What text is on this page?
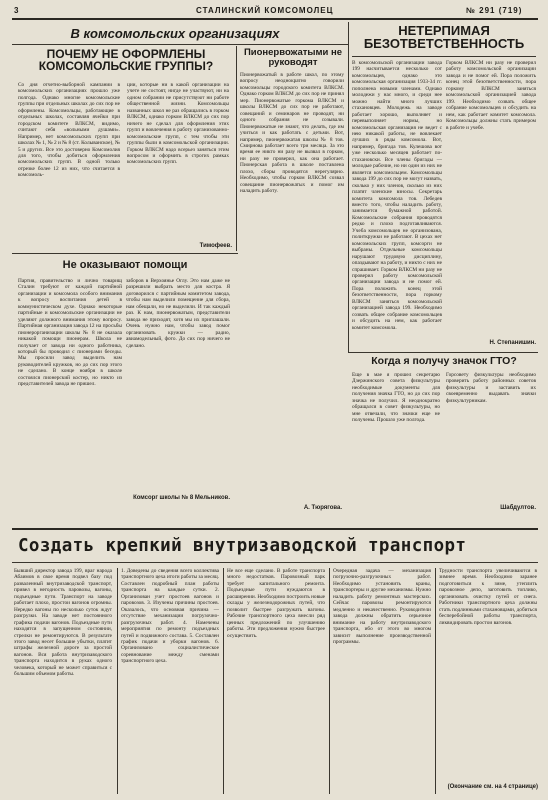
3	СТАЛИНСКИЙ КОМСОМОЛЕЦ	№ 291 (719)
В комсомольских организациях
ПОЧЕМУ НЕ ОФОРМЛЕНЫ КОМСОМОЛЬСКИЕ ГРУППЫ?
Со дня отчетно-выборной кампании в комсомольских организациях прошло уже полгода. Однако многие комсомольские группы при отдельных школах до сих пор не оформлены. Комсомольцы, работающие в отдельных школах, составляя ячейки при городском комитете ВЛКСМ, видимо, считают себя «вольными душами». Например, нет комсомольских групп при школах № 1, № 2 и № 8 (ст. Колыванское), № 5 и других. Все это достоверно Комсомолия для того, чтобы добиться оформления комсомольских групп. В одной только отрезке более 12 из них, что считается в комсомоль-
ции, которые ни в какой организации на учете не состоят, нигде не участвуют, ни на одном собрании не присутствуют ни работе общественной жизни. Комсомольцы названных школ не раз обращались в горком ВЛКСМ, однако горком ВЛКСМ до сих пор ничего не сделал для оформления этих групп и вовлечения в работу организованно-комсомольские групп, с тем чтобы эти группы были в комсомольской организации. Горком ВЛКСМ надо всерьез заняться этим вопросом и оформить в строгих рамках комсомольских групп.
Тимофеев.
Пионервожатыми не руководят
Пионервожатый в работе школ, по этому вопросу неоднократно говорили комсомольцы городского комитета ВЛКСМ. Однако горком ВЛКСМ до сих пор не принял мер. Пионервожатые горкома ВЛКСМ и школы ВЛКСМ до сих пор не работают, совещаний и семинаров не проводят, ни одного собрания не созывали. Пионервожатые не знают, что делать, где им учиться и как работать с детьми. Вот, например, пионервожатая школы № 8 тов. Смирнова работает всего три месяца. За это время ее никто ни разу не вызвал в горком, ни разу не проверил, как она работает. Пионерская работа в школе поставлена плохо, сборы проводятся нерегулярно. Необходимо, чтобы горком ВЛКСМ созвал совещание пионервожатых и помог им наладить работу.
А. Тюрягова.
НЕТЕРПИМАЯ БЕЗОТВЕТСТВЕННОСТЬ
В комсомольской организации завода 199 насчитывается несколько сот комсомольцев, однако это комсомольская организация 1933-34 гг. пополнена новыми членами. Однако молодежи у нас много, и среди нее можно найти много лучших стахановцев. Молодежь на заводе работает хорошо, выполняет и перевыполняет нормы, но комсомольская организация не ведет с нею никакой работы, не вовлекает лучших в ряды комсомола. Вот, например, бригада тов. Кулешова вот уже несколько месяцев работает по-стахановски. Все члены бригады — молодые рабочие, но ни один из них не является комсомольцем. Комсомольцы завода 199 до сих пор не могут назвать, сколько у них членов, сколько из них платят членские взносы. Секретарь комитета комсомола тов. Лебедев вместо того, чтобы наладить работу, занимается бумажной работой. Комсомольские собрания проводятся редко и плохо подготавливаются. Учеба комсомольцев не организована, политкружки не работают. В цехах нет комсомольских групп, комсорги не выбраны. Отдельные комсомольцы нарушают трудовую дисциплину, опаздывают на работу, и никто с них не спрашивает. Горком ВЛКСМ ни разу не проверил работу комсомольской организации завода и не помог ей. Пора положить конец этой безответственности, пора горкому ВЛКСМ заняться комсомольской организацией завода 199. Необходимо созвать общее собрание комсомольцев и обсудить на нем, как работает комитет комсомола.
Горком ВЛКСМ ни разу не проверил работу комсомольской организации завода и не помог ей. Пора положить конец этой безответственности, пора горкому ВЛКСМ заняться комсомольской организацией завода 199. Необходимо созвать общее собрание комсомольцев и обсудить на нем, как работает комитет комсомола. Комсомольцы должны стать примером в работе и учебе.
Н. Степанишин.
Не оказывают помощи
Партия, правительство и лично товарищ Сталин требуют от каждой партийной организации и комсомола особого внимания к вопросу воспитания детей в коммунистическом духе. Однако некоторые партийные и комсомольские организации не уделяют должного внимания этому вопросу. Партийная организация завода 12 на просьбы пионерорганизации школы № 8 не оказала никакой помощи пионерам. Школа не получает от завода ни одного работника, который бы проводил с пионерами беседы. Мы просили завод выделить нам руководителей кружков, но до сих пор этого не сделано. В конце ноября в школе состоялся пионерский костер, но никто из представителей завода не пришел.
заборов в Верхоянье Оглу. Это нам даже не разрешили выбрать место для костра. Я договорился с партийным комитетом завода, чтобы нам выделили помещение для сбора, нам обещали, но не выделили. И так каждый раз. К нам, пионервожатым, представители завода не приходят, хотя мы их приглашали. Очень нужно нам, чтобы завод помог организовать кружки — радио, авиамодельный, фото. До сих пор ничего не сделано.
Комсорг школы № 8 Мельников.
Когда я получу значок ГТО?
Еще в мае я прошел секретарю Дзержинского совета физкультуры необходимые документы для получения значка ГТО, но до сих пор значка не получил. Я неоднократно обращался в совет физкультуры, но мне отвечали, что значки еще не получены. Прошло уже полгода.
Горсовету физкультуры необходимо проверить работу районных советов физкультуры и заставить их своевременно выдавать значки физкультурникам.
Шабдултов.
Создать крепкий внутризаводской транспорт
Бывший директор завода 199, враг народа Абаимов в свое время подвел базу под разваленный внутризаводской транспорт, привел в негодность паровозы, вагоны, подъездные пути. Транспорт на заводе работает плохо, простои вагонов огромны. Нередко вагоны по несколько суток ждут разгрузки. На заводе нет постоянного графика подачи вагонов. Подъездные пути находятся в запущенном состоянии, стрелки не ремонтируются. В результате этого завод несет большие убытки, платит штрафы железной дороге за простой вагонов. Вся работа внутризаводского транспорта находится в руках одного человека, который не может справиться с большим объемом работы.
1. Доведены до сведения всего коллектива транспортного цеха итоги работы за месяц. Составлен подробный план работы транспорта на каждые сутки. 2. Организован учет простоев вагонов и паровозов. 3. Изучены причины простоев. Оказалось, что основная причина — отсутствие механизации погрузочно-разгрузочных работ. 4. Намечены мероприятия по ремонту подъездных путей и подвижного состава. 5. Составлен график подачи и уборки вагонов. 6. Организовано социалистическое соревнование между сменами транспортного цеха.
Не все еще сделано. В работе транспорта много недостатков. Паровозный парк требует капитального ремонта. Подъездные пути нуждаются в расширении. Необходимо построить новые склады у железнодорожных путей, что позволит быстрее разгружать вагоны. Рабочие транспортного цеха внесли ряд ценных предложений по улучшению работы. Эти предложения нужно быстрее осуществить.
Очередная задача — механизация погрузочно-разгрузочных работ. Необходимо установить краны, транспортеры и другие механизмы. Нужно наладить работу ремонтных мастерских. Сейчас паровозы ремонтируются медленно и некачественно. Руководители завода должны обратить серьезное внимание на работу внутризаводского транспорта, ибо от этого во многом зависит выполнение производственной программы.
Трудности транспорта увеличиваются в зимнее время. Необходимо заранее подготовиться к зиме, утеплить паровозное депо, заготовить топливо, организовать очистку путей от снега. Работники транспортного цеха должны стать подлинными стахановцами, добиться бесперебойной работы транспорта, ликвидировать простои вагонов.
(Окончание см. на 4 странице)
